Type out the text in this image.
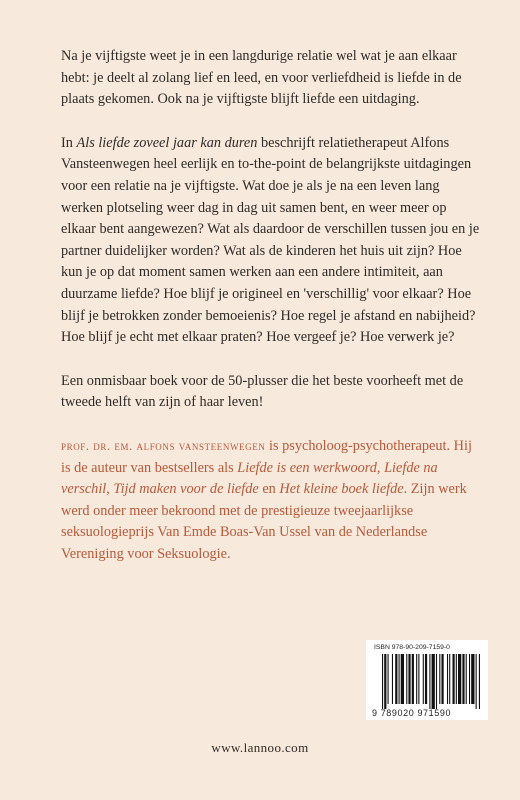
Na je vijftigste weet je in een langdurige relatie wel wat je aan elkaar hebt: je deelt al zolang lief en leed, en voor verliefdheid is liefde in de plaats gekomen. Ook na je vijftigste blijft liefde een uitdaging.

In Als liefde zoveel jaar kan duren beschrijft relatietherapeut Alfons Vansteenwegen heel eerlijk en to-the-point de belangrijkste uitdagingen voor een relatie na je vijftigste. Wat doe je als je na een leven lang werken plotseling weer dag in dag uit samen bent, en weer meer op elkaar bent aangewezen? Wat als daardoor de verschillen tussen jou en je partner duidelijker worden? Wat als de kinderen het huis uit zijn? Hoe kun je op dat moment samen werken aan een andere intimiteit, aan duurzame liefde? Hoe blijf je origineel en 'verschillig' voor elkaar? Hoe blijf je betrokken zonder bemoeienis? Hoe regel je afstand en nabijheid? Hoe blijf je echt met elkaar praten? Hoe vergeef je? Hoe verwerk je?

Een onmisbaar boek voor de 50-plusser die het beste voorheeft met de tweede helft van zijn of haar leven!

prof. dr. em. alfons vansteenwegen is psycholoog-psychotherapeut. Hij is de auteur van bestsellers als Liefde is een werkwoord, Liefde na verschil, Tijd maken voor de liefde en Het kleine boek liefde. Zijn werk werd onder meer bekroond met de prestigieuze tweejaarlijkse seksuologieprijs Van Emde Boas-Van Ussel van de Nederlandse Vereniging voor Seksuologie.

ISBN 978-90-209-7159-0
9 789020 971590
www.lannoo.com
